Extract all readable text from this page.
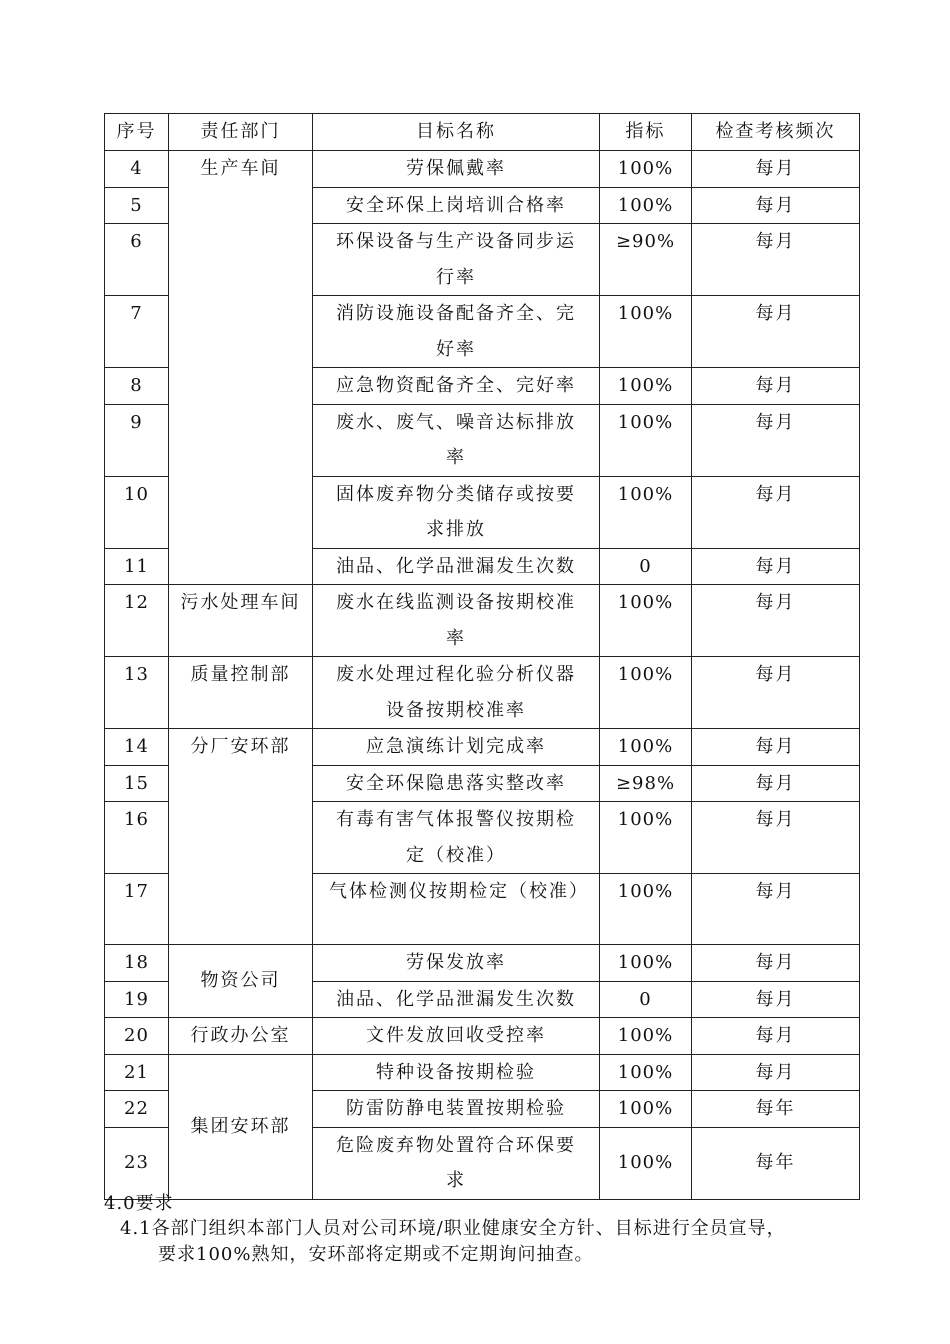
序号	责任部门	目标名称	指标	检查考核频次
4	生产车间	劳保佩戴率	100%	每月
5		安全环保上岗培训合格率	100%	每月
6		环保设备与生产设备同步运行率	≥90%	每月
7		消防设施设备配备齐全、完好率	100%	每月
8		应急物资配备齐全、完好率	100%	每月
9		废水、废气、噪音达标排放率	100%	每月
10		固体废弃物分类储存或按要求排放	100%	每月
11		油品、化学品泄漏发生次数	0	每月
12	污水处理车间	废水在线监测设备按期校准率	100%	每月
13	质量控制部	废水处理过程化验分析仪器设备按期校准率	100%	每月
14	分厂安环部	应急演练计划完成率	100%	每月
15		安全环保隐患落实整改率	≥98%	每月
16		有毒有害气体报警仪按期检定（校准）	100%	每月
17		气体检测仪按期检定（校准）	100%	每月
18	物资公司	劳保发放率	100%	每月
19		油品、化学品泄漏发生次数	0	每月
20	行政办公室	文件发放回收受控率	100%	每月
21	集团安环部	特种设备按期检验	100%	每月
22		防雷防静电装置按期检验	100%	每年
23		危险废弃物处置符合环保要求	100%	每年
4.0要求
4.1各部门组织本部门人员对公司环境/职业健康安全方针、目标进行全员宣导，
要求100%熟知，安环部将定期或不定期询问抽查。
